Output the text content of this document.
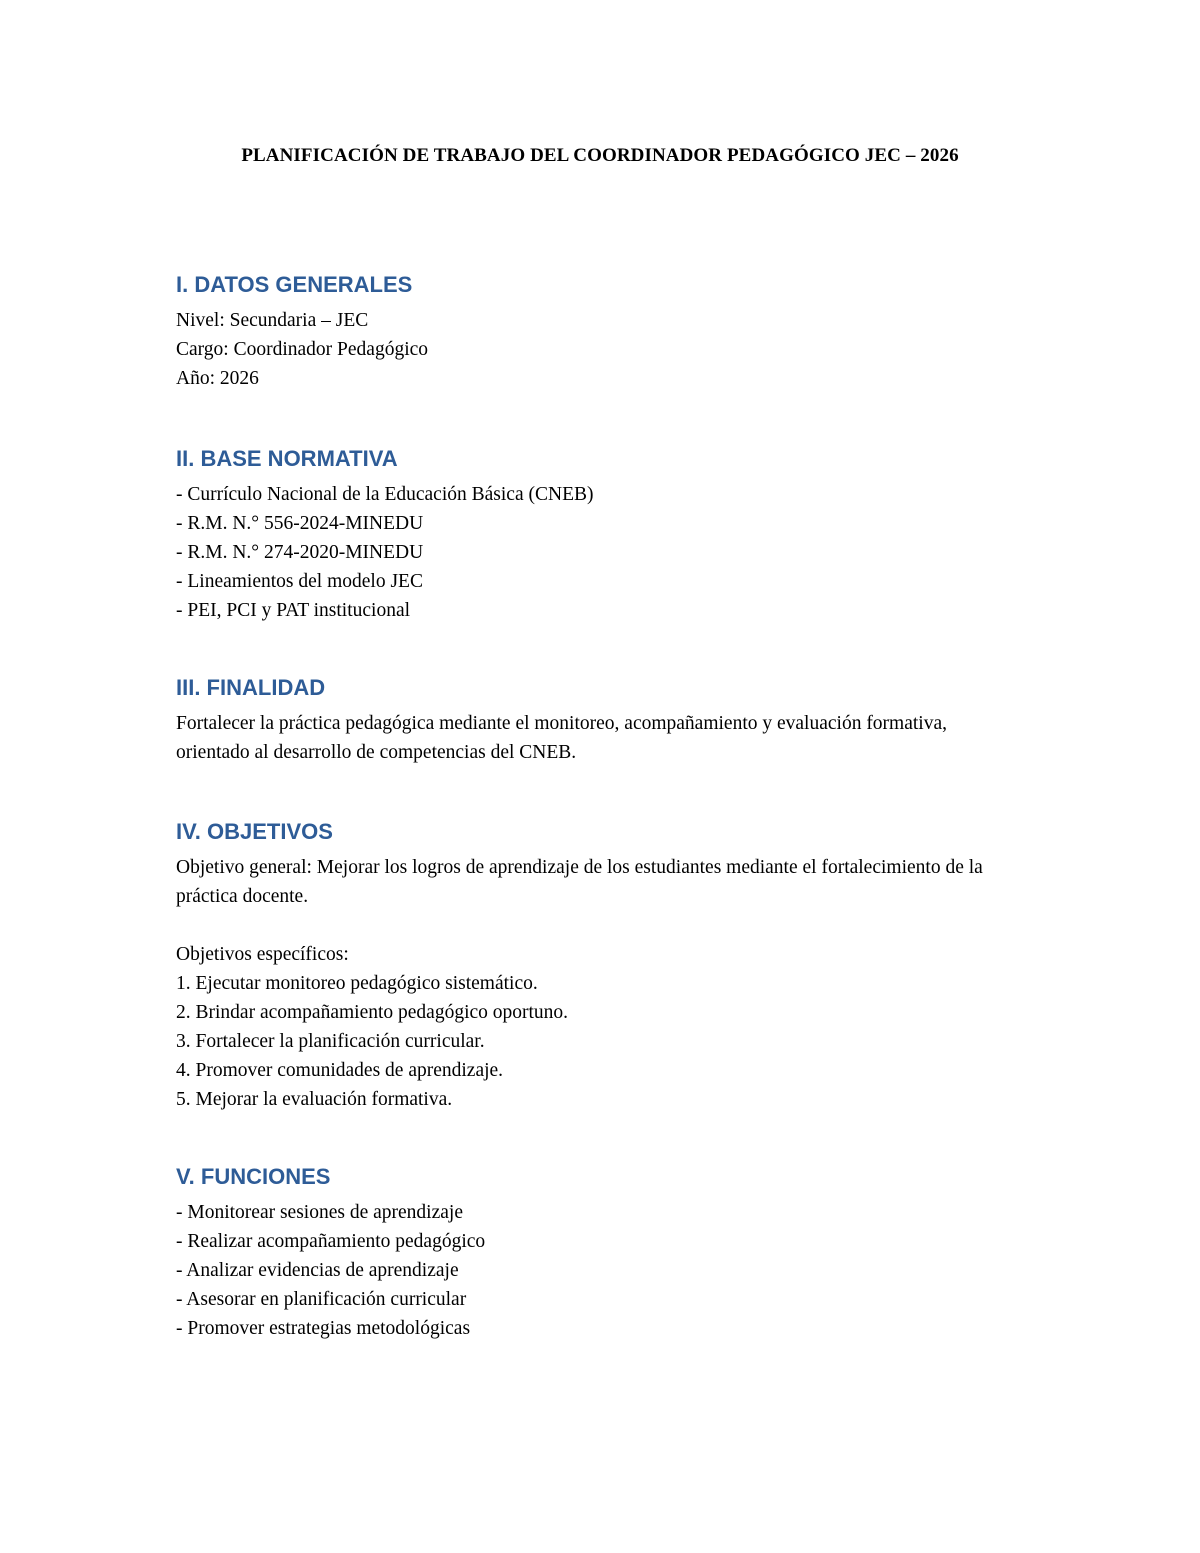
PLANIFICACIÓN DE TRABAJO DEL COORDINADOR PEDAGÓGICO JEC – 2026
I. DATOS GENERALES

Nivel: Secundaria – JEC

Cargo: Coordinador Pedagógico

Año: 2026

II. BASE NORMATIVA

- Currículo Nacional de la Educación Básica (CNEB)

- R.M. N.° 556-2024-MINEDU

- R.M. N.° 274-2020-MINEDU

- Lineamientos del modelo JEC

- PEI, PCI y PAT institucional

III. FINALIDAD

Fortalecer la práctica pedagógica mediante el monitoreo, acompañamiento y evaluación formativa, orientado al desarrollo de competencias del CNEB.

IV. OBJETIVOS

Objetivo general: Mejorar los logros de aprendizaje de los estudiantes mediante el fortalecimiento de la práctica docente.

Objetivos específicos:

1. Ejecutar monitoreo pedagógico sistemático.

2. Brindar acompañamiento pedagógico oportuno.

3. Fortalecer la planificación curricular.

4. Promover comunidades de aprendizaje.

5. Mejorar la evaluación formativa.

V. FUNCIONES

- Monitorear sesiones de aprendizaje

- Realizar acompañamiento pedagógico

- Analizar evidencias de aprendizaje

- Asesorar en planificación curricular

- Promover estrategias metodológicas
